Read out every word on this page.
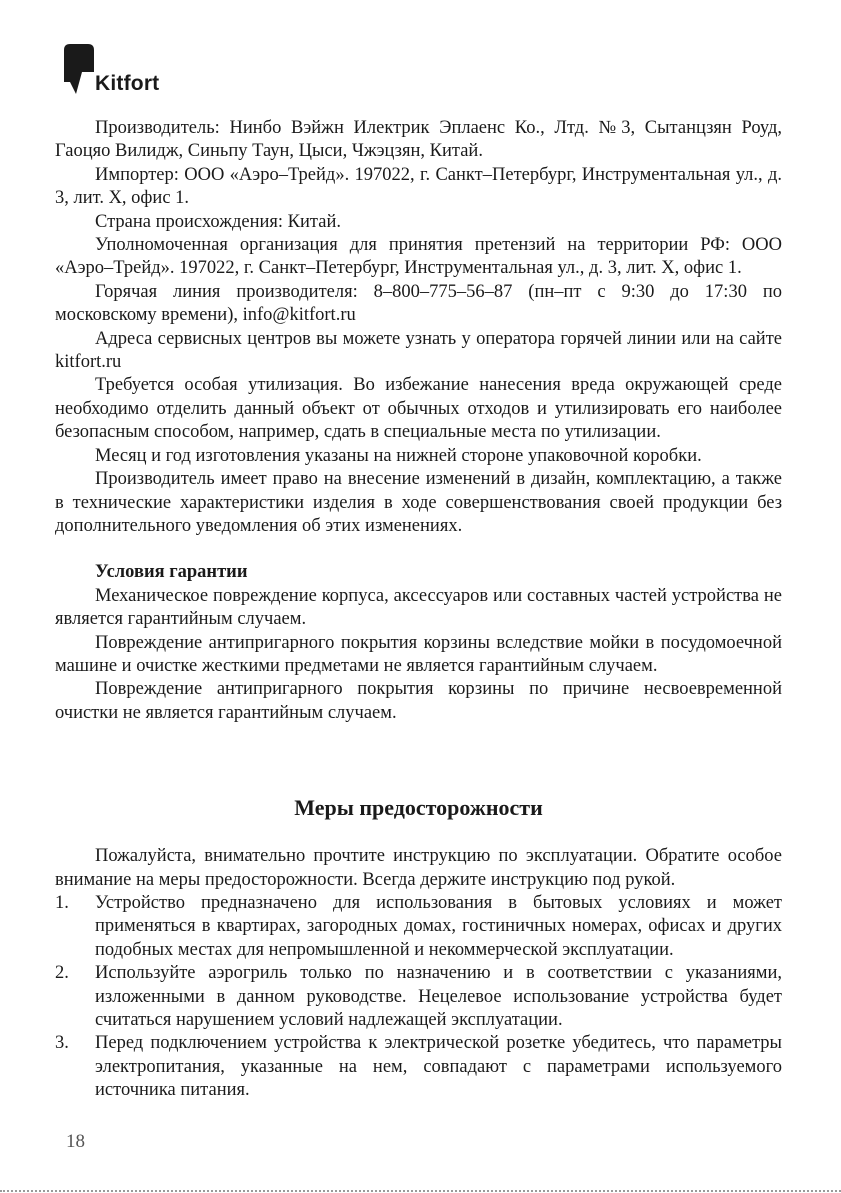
Kitfort

Производитель: Нинбо Вэйжн Илектрик Эплаенс Ко., Лтд. №3, Сытанцзян Роуд, Гаоцяо Вилидж, Синьпу Таун, Цыси, Чжэцзян, Китай.

Импортер: ООО «Аэро–Трейд». 197022, г. Санкт–Петербург, Инструментальная ул., д. 3, лит. Х, офис 1.

Страна происхождения: Китай.

Уполномоченная организация для принятия претензий на территории РФ: ООО «Аэро–Трейд». 197022, г. Санкт–Петербург, Инструментальная ул., д. 3, лит. Х, офис 1.

Горячая линия производителя: 8–800–775–56–87 (пн–пт с 9:30 до 17:30 по московскому времени), info@kitfort.ru

Адреса сервисных центров вы можете узнать у оператора горячей линии или на сайте kitfort.ru

Требуется особая утилизация. Во избежание нанесения вреда окружающей среде необходимо отделить данный объект от обычных отходов и утилизировать его наиболее безопасным способом, например, сдать в специальные места по утилизации.

Месяц и год изготовления указаны на нижней стороне упаковочной коробки.

Производитель имеет право на внесение изменений в дизайн, комплектацию, а также в технические характеристики изделия в ходе совершенствования своей продукции без дополнительного уведомления об этих изменениях.

Условия гарантии

Механическое повреждение корпуса, аксессуаров или составных частей устройства не является гарантийным случаем.

Повреждение антипригарного покрытия корзины вследствие мойки в посудомоечной машине и очистке жесткими предметами не является гарантийным случаем.

Повреждение антипригарного покрытия корзины по причине несвоевременной очистки не является гарантийным случаем.

Меры предосторожности

Пожалуйста, внимательно прочтите инструкцию по эксплуатации. Обратите особое внимание на меры предосторожности. Всегда держите инструкцию под рукой.

1. Устройство предназначено для использования в бытовых условиях и может применяться в квартирах, загородных домах, гостиничных номерах, офисах и других подобных местах для непромышленной и некоммерческой эксплуатации.
2. Используйте аэрогриль только по назначению и в соответствии с указаниями, изложенными в данном руководстве. Нецелевое использование устройства будет считаться нарушением условий надлежащей эксплуатации.
3. Перед подключением устройства к электрической розетке убедитесь, что параметры электропитания, указанные на нем, совпадают с параметрами используемого источника питания.
18
